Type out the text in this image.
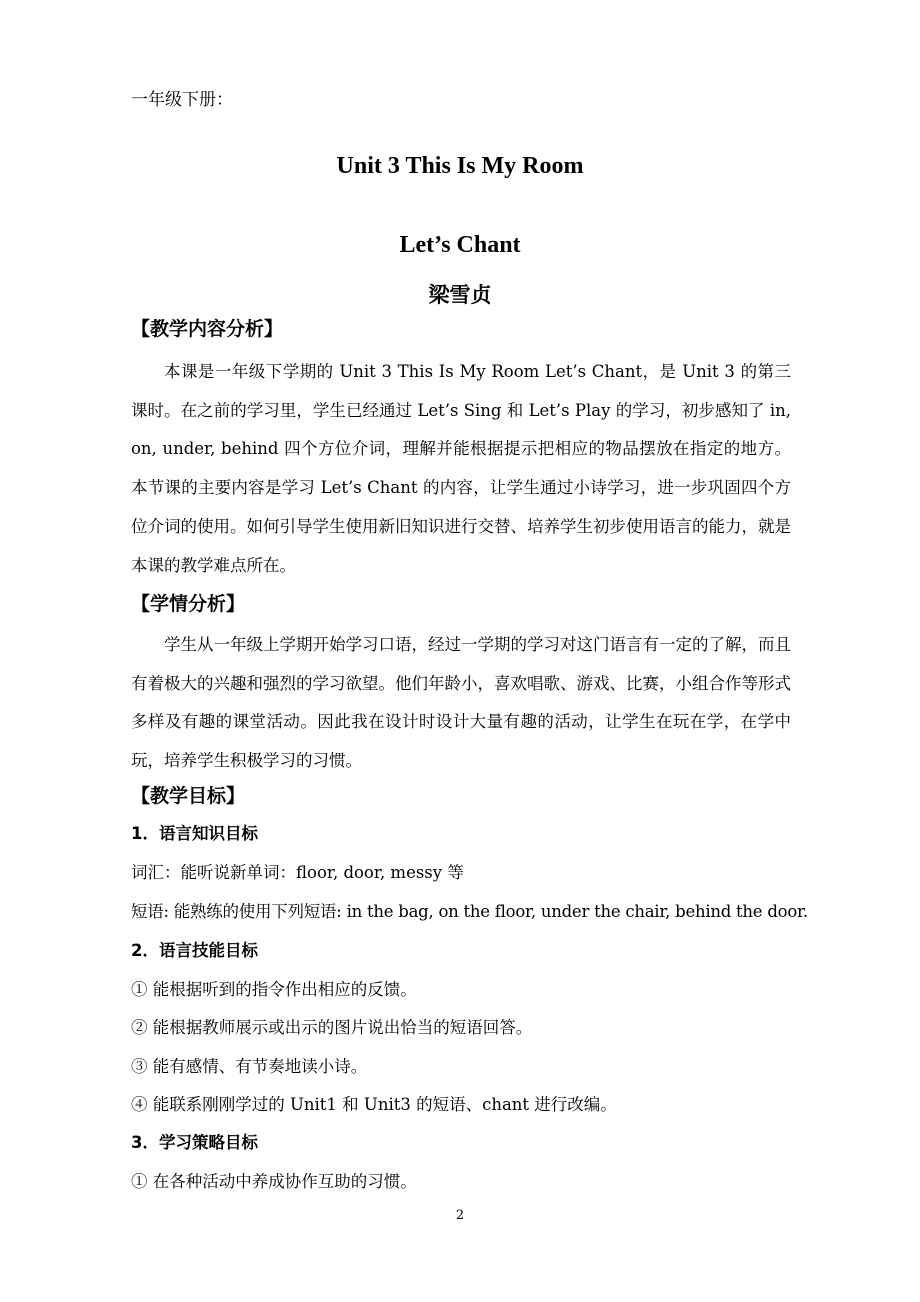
一年级下册：
Unit 3 This Is My Room
Let’s Chant
梁雪贞
【教学内容分析】
本课是一年级下学期的 Unit 3 This Is My Room Let’s Chant，是 Unit 3 的第三课时。在之前的学习里，学生已经通过 Let’s Sing 和 Let’s Play 的学习，初步感知了 in, on, under, behind 四个方位介词，理解并能根据提示把相应的物品摆放在指定的地方。本节课的主要内容是学习 Let’s Chant 的内容，让学生通过小诗学习，进一步巩固四个方位介词的使用。如何引导学生使用新旧知识进行交替、培养学生初步使用语言的能力，就是本课的教学难点所在。
【学情分析】
学生从一年级上学期开始学习口语，经过一学期的学习对这门语言有一定的了解，而且有着极大的兴趣和强烈的学习欲望。他们年龄小，喜欢唱歌、游戏、比赛，小组合作等形式多样及有趣的课堂活动。因此我在设计时设计大量有趣的活动，让学生在玩在学，在学中玩，培养学生积极学习的习惯。
【教学目标】
1．语言知识目标
词汇：能听说新单词：floor, door, messy 等
短语: 能熟练的使用下列短语: in the bag, on the floor, under the chair, behind the door.
2．语言技能目标
① 能根据听到的指令作出相应的反馈。
② 能根据教师展示或出示的图片说出恰当的短语回答。
③ 能有感情、有节奏地读小诗。
④ 能联系刚刚学过的 Unit1 和 Unit3 的短语、chant 进行改编。
3．学习策略目标
① 在各种活动中养成协作互助的习惯。
2
